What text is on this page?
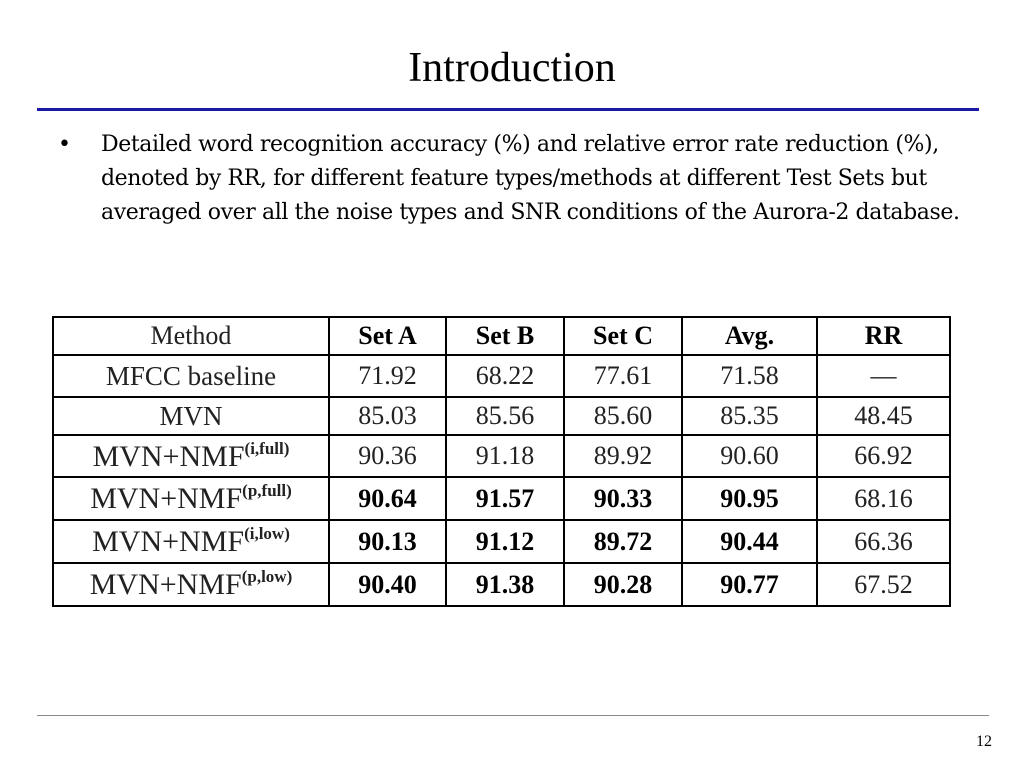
Introduction
• Detailed word recognition accuracy (%) and relative error rate reduction (%), denoted by RR, for different feature types/methods at different Test Sets but averaged over all the noise types and SNR conditions of the Aurora-2 database.
Method	Set A	Set B	Set C	Avg.	RR
MFCC baseline	71.92	68.22	77.61	71.58	—
MVN	85.03	85.56	85.60	85.35	48.45
$MVN+NMF^{(i,full)}$	90.36	91.18	89.92	90.60	66.92
$MVN+NMF^{(p,full)}$	90.64	91.57	90.33	90.95	68.16
$MVN+NMF^{(i,low)}$	90.13	91.12	89.72	90.44	66.36
$MVN+NMF^{(p,low)}$	90.40	91.38	90.28	90.77	67.52
12
